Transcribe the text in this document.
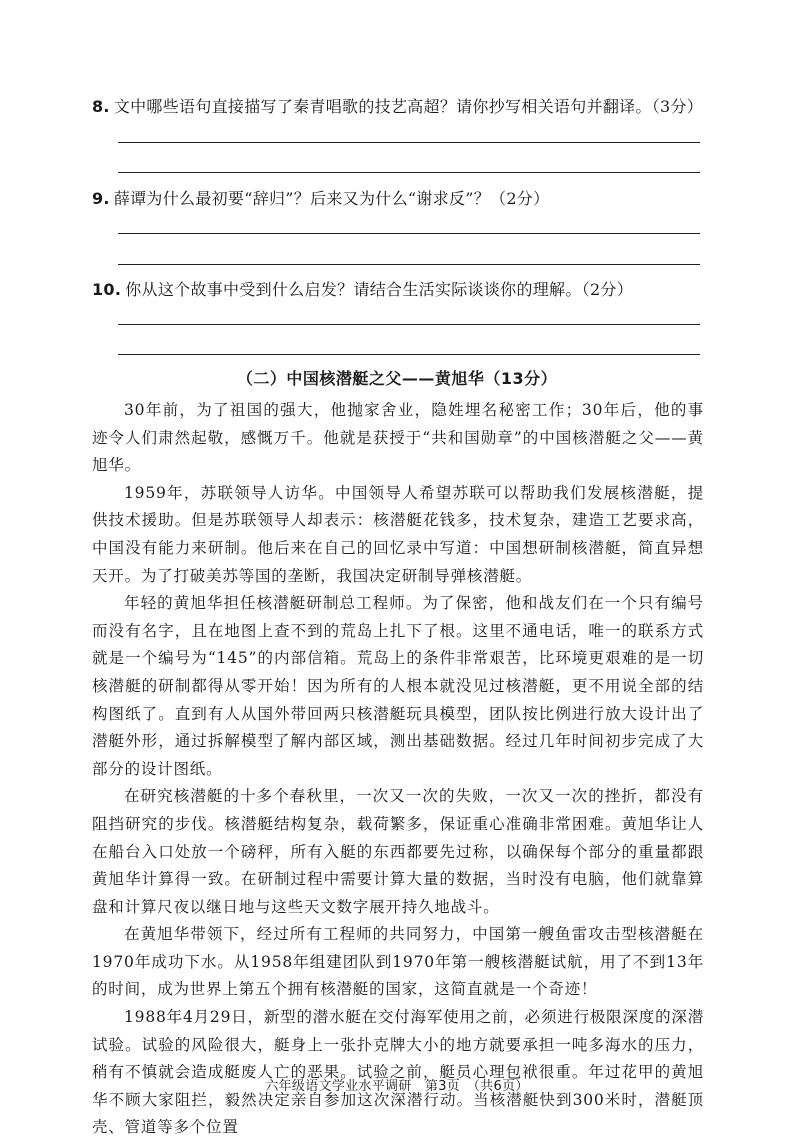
8. 文中哪些语句直接描写了秦青唱歌的技艺高超？请你抄写相关语句并翻译。（3分）
9. 薛谭为什么最初要“辞归”？后来又为什么“谢求反”？（2分）
10. 你从这个故事中受到什么启发？请结合生活实际谈谈你的理解。（2分）
（二）中国核潜艇之父——黄旭华（13分）

30年前，为了祖国的强大，他抛家舍业，隐姓埋名秘密工作；30年后，他的事迹令人们肃然起敬，感慨万千。他就是获授于“共和国勋章”的中国核潜艇之父——黄旭华。

1959年，苏联领导人访华。中国领导人希望苏联可以帮助我们发展核潜艇，提供技术援助。但是苏联领导人却表示：核潜艇花钱多，技术复杂，建造工艺要求高，中国没有能力来研制。他后来在自己的回忆录中写道：中国想研制核潜艇，简直异想天开。为了打破美苏等国的垄断，我国决定研制导弹核潜艇。

年轻的黄旭华担任核潜艇研制总工程师。为了保密，他和战友们在一个只有编号而没有名字，且在地图上查不到的荒岛上扎下了根。这里不通电话，唯一的联系方式就是一个编号为“145”的内部信箱。荒岛上的条件非常艰苦，比环境更艰难的是一切核潜艇的研制都得从零开始！因为所有的人根本就没见过核潜艇，更不用说全部的结构图纸了。直到有人从国外带回两只核潜艇玩具模型，团队按比例进行放大设计出了潜艇外形，通过拆解模型了解内部区域，测出基础数据。经过几年时间初步完成了大部分的设计图纸。

在研究核潜艇的十多个春秋里，一次又一次的失败，一次又一次的挫折，都没有阻挡研究的步伐。核潜艇结构复杂，载荷繁多，保证重心准确非常困难。黄旭华让人在船台入口处放一个磅秤，所有入艇的东西都要先过称，以确保每个部分的重量都跟黄旭华计算得一致。在研制过程中需要计算大量的数据，当时没有电脑，他们就靠算盘和计算尺夜以继日地与这些天文数字展开持久地战斗。

在黄旭华带领下，经过所有工程师的共同努力，中国第一艘鱼雷攻击型核潜艇在1970年成功下水。从1958年组建团队到1970年第一艘核潜艇试航，用了不到13年的时间，成为世界上第五个拥有核潜艇的国家，这简直就是一个奇迹！

1988年4月29日，新型的潜水艇在交付海军使用之前，必须进行极限深度的深潜试验。试验的风险很大，艇身上一张扑克牌大小的地方就要承担一吨多海水的压力，稍有不慎就会造成艇废人亡的恶果。试验之前，艇员心理包袱很重。年过花甲的黄旭华不顾大家阻拦，毅然决定亲自参加这次深潜行动。当核潜艇快到300米时，潜艇顶壳、管道等多个位置

六年级语文学业水平调研　第3页　（共6页）
